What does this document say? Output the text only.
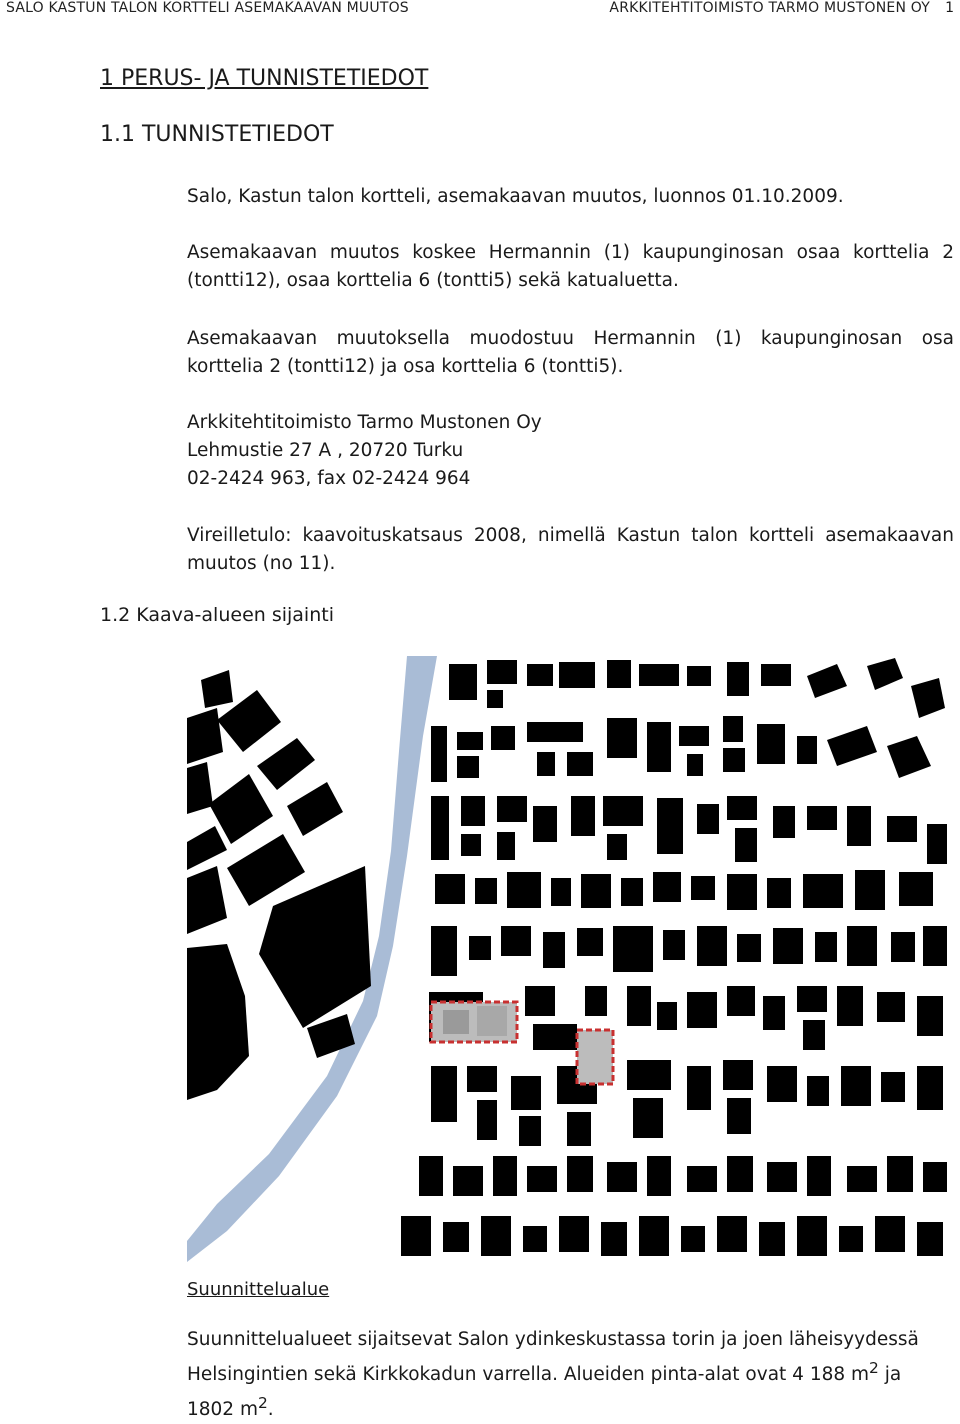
SALO KASTUN TALON KORTTELI ASEMAKAAVAN MUUTOS	ARKKITEHTITOIMISTO TARMO MUSTONEN OY 1
1 PERUS- JA TUNNISTETIEDOT
1.1 TUNNISTETIEDOT
Salo, Kastun talon kortteli, asemakaavan muutos, luonnos 01.10.2009.
Asemakaavan muutos koskee Hermannin (1) kaupunginosan osaa korttelia 2 (tontti12), osaa korttelia 6 (tontti5) sekä katualuetta.
Asemakaavan muutoksella muodostuu Hermannin (1) kaupunginosan osa korttelia 2 (tontti12) ja osa korttelia 6 (tontti5).
Arkkitehtitoimisto Tarmo Mustonen Oy
Lehmustie 27 A , 20720 Turku
02-2424 963, fax 02-2424 964
Vireilletulo: kaavoituskatsaus 2008, nimellä Kastun talon kortteli asemakaavan muutos (no 11).
1.2 Kaava-alueen sijainti
Suunnittelualue
Suunnittelualueet sijaitsevat Salon ydinkeskustassa torin ja joen läheisyydessä Helsingintien sekä Kirkkokadun varrella. Alueiden pinta-alat ovat 4 188 $m^2$ ja 1802 $m^2$.
